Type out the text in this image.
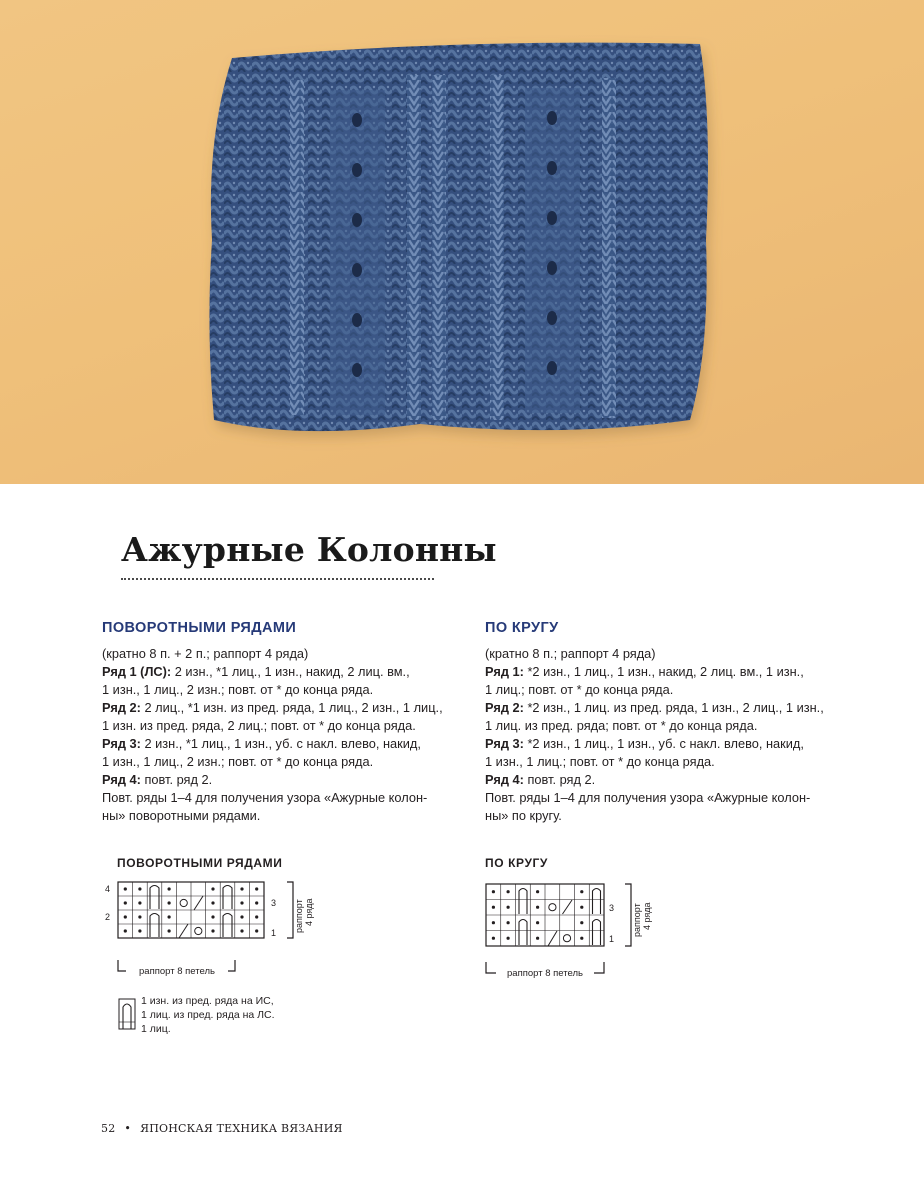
Ажурные Колонны
ПОВОРОТНЫМИ РЯДАМИ

(кратно 8 п. + 2 п.; раппорт 4 ряда)

Ряд 1 (ЛС): 2 изн., *1 лиц., 1 изн., накид, 2 лиц. вм.,

1 изн., 1 лиц., 2 изн.; повт. от * до конца ряда.

Ряд 2: 2 лиц., *1 изн. из пред. ряда, 1 лиц., 2 изн., 1 лиц.,

1 изн. из пред. ряда, 2 лиц.; повт. от * до конца ряда.

Ряд 3: 2 изн., *1 лиц., 1 изн., уб. с накл. влево, накид,

1 изн., 1 лиц., 2 изн.; повт. от * до конца ряда.

Ряд 4: повт. ряд 2.

Повт. ряды 1–4 для получения узора «Ажурные колон-

ны» поворотными рядами.

ПО КРУГУ

(кратно 8 п.; раппорт 4 ряда)

Ряд 1: *2 изн., 1 лиц., 1 изн., накид, 2 лиц. вм., 1 изн.,

1 лиц.; повт. от * до конца ряда.

Ряд 2: *2 изн., 1 лиц. из пред. ряда, 1 изн., 2 лиц., 1 изн.,

1 лиц. из пред. ряда; повт. от * до конца ряда.

Ряд 3: *2 изн., 1 лиц., 1 изн., уб. с накл. влево, накид,

1 изн., 1 лиц.; повт. от * до конца ряда.

Ряд 4: повт. ряд 2.

Повт. ряды 1–4 для получения узора «Ажурные колон-

ны» по кругу.

ПОВОРОТНЫМИ РЯДАМИ
4
2
3
1 раппорт 4 ряда
раппорт 8 петель
ПО КРУГУ
3
1
раппорт 4 ряда
раппорт 8 петель
1 изн. из пред. ряда на ИС,
1 лиц. из пред. ряда на ЛС.
1 лиц.
52 • ЯПОНСКАЯ ТЕХНИКА ВЯЗАНИЯ
